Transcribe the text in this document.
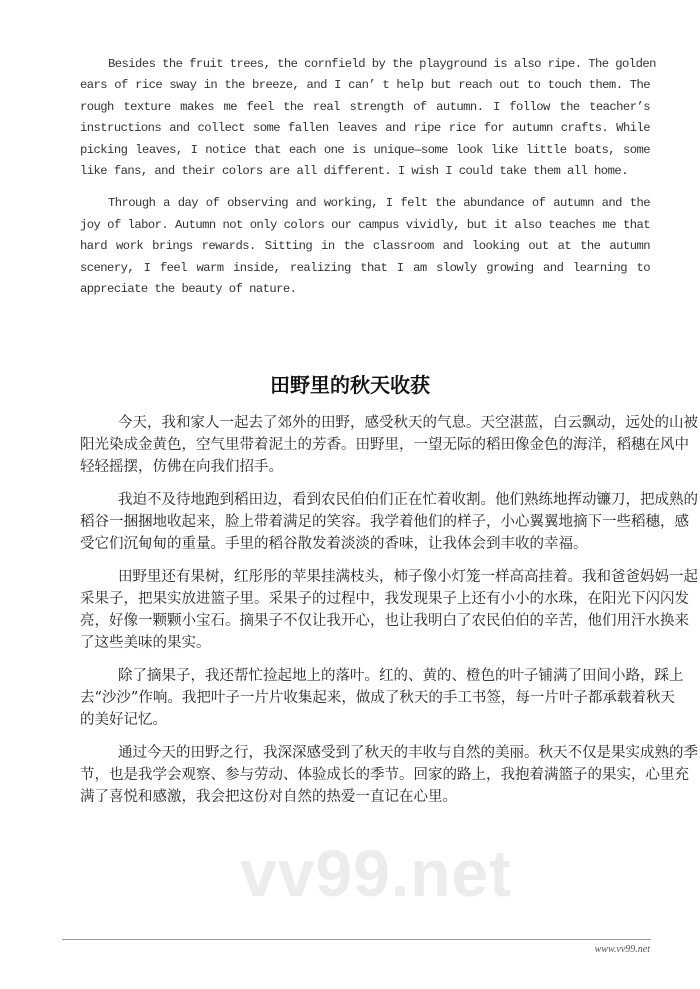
Besides the fruit trees, the cornfield by the playground is also ripe. The golden
ears of rice sway in the breeze, and I can’ t help but reach out to touch them. The
rough texture makes me feel the real strength of autumn. I follow the teacher’s
instructions and collect some fallen leaves and ripe rice for autumn crafts. While
picking leaves, I notice that each one is unique—some look like little boats, some
like fans, and their colors are all different. I wish I could take them all home.
Through a day of observing and working, I felt the abundance of autumn and the
joy of labor. Autumn not only colors our campus vividly, but it also teaches me that
hard work brings rewards. Sitting in the classroom and looking out at the autumn
scenery, I feel warm inside, realizing that I am slowly growing and learning to
appreciate the beauty of nature.
田野里的秋天收获
今天，我和家人一起去了郊外的田野，感受秋天的气息。天空湛蓝，白云飘动，远处的山被
阳光染成金黄色，空气里带着泥土的芳香。田野里，一望无际的稻田像金色的海洋，稻穗在风中
轻轻摇摆，仿佛在向我们招手。
我迫不及待地跑到稻田边，看到农民伯伯们正在忙着收割。他们熟练地挥动镰刀，把成熟的
稻谷一捆捆地收起来，脸上带着满足的笑容。我学着他们的样子，小心翼翼地摘下一些稻穗，感
受它们沉甸甸的重量。手里的稻谷散发着淡淡的香味，让我体会到丰收的幸福。
田野里还有果树，红彤彤的苹果挂满枝头，柿子像小灯笼一样高高挂着。我和爸爸妈妈一起
采果子，把果实放进篮子里。采果子的过程中，我发现果子上还有小小的水珠，在阳光下闪闪发
亮，好像一颗颗小宝石。摘果子不仅让我开心，也让我明白了农民伯伯的辛苦，他们用汗水换来
了这些美味的果实。
除了摘果子，我还帮忙捡起地上的落叶。红的、黄的、橙色的叶子铺满了田间小路，踩上
去“沙沙”作响。我把叶子一片片收集起来，做成了秋天的手工书签，每一片叶子都承载着秋天
的美好记忆。
通过今天的田野之行，我深深感受到了秋天的丰收与自然的美丽。秋天不仅是果实成熟的季
节，也是我学会观察、参与劳动、体验成长的季节。回家的路上，我抱着满篮子的果实，心里充
满了喜悦和感激，我会把这份对自然的热爱一直记在心里。
vv99.net
www.vv99.net
